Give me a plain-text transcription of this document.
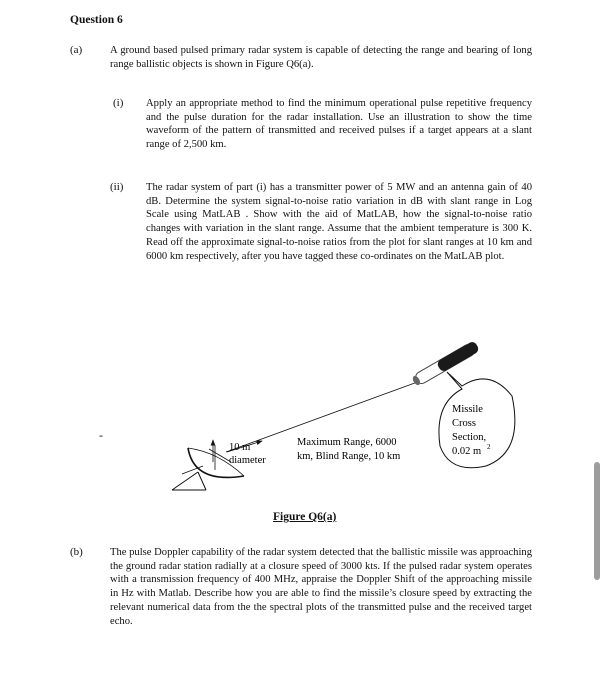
Question 6
(a)	A ground based pulsed primary radar system is capable of detecting the range and bearing of long range ballistic objects is shown in Figure Q6(a).
(i) Apply an appropriate method to find the minimum operational pulse repetitive frequency and the pulse duration for the radar installation. Use an illustration to show the time waveform of the pattern of transmitted and received pulses if a target appears at a slant range of 2,500 km.
(ii) The radar system of part (i) has a transmitter power of 5 MW and an antenna gain of 40 dB. Determine the system signal-to-noise ratio variation in dB with slant range in Log Scale using MatLAB . Show with the aid of MatLAB, how the signal-to-noise ratio changes with variation in the slant range. Assume that the ambient temperature is 300 K. Read off the approximate signal-to-noise ratios from the plot for slant ranges at 10 km and 6000 km respectively, after you have tagged these co-ordinates on the MatLAB plot.
-
10 m
diameter
Maximum Range, 6000
km, Blind Range, 10 km
Missile
Cross
Section,
0.02 m 2
Figure Q6(a)
(b)	The pulse Doppler capability of the radar system detected that the ballistic missile was approaching the ground radar station radially at a closure speed of 3000 kts. If the pulsed radar system operates with a transmission frequency of 400 MHz, appraise the Doppler Shift of the approaching missile in Hz with Matlab. Describe how you are able to find the missile’s closure speed by extracting the relevant numerical data from the the spectral plots of the transmitted pulse and the received target echo.
